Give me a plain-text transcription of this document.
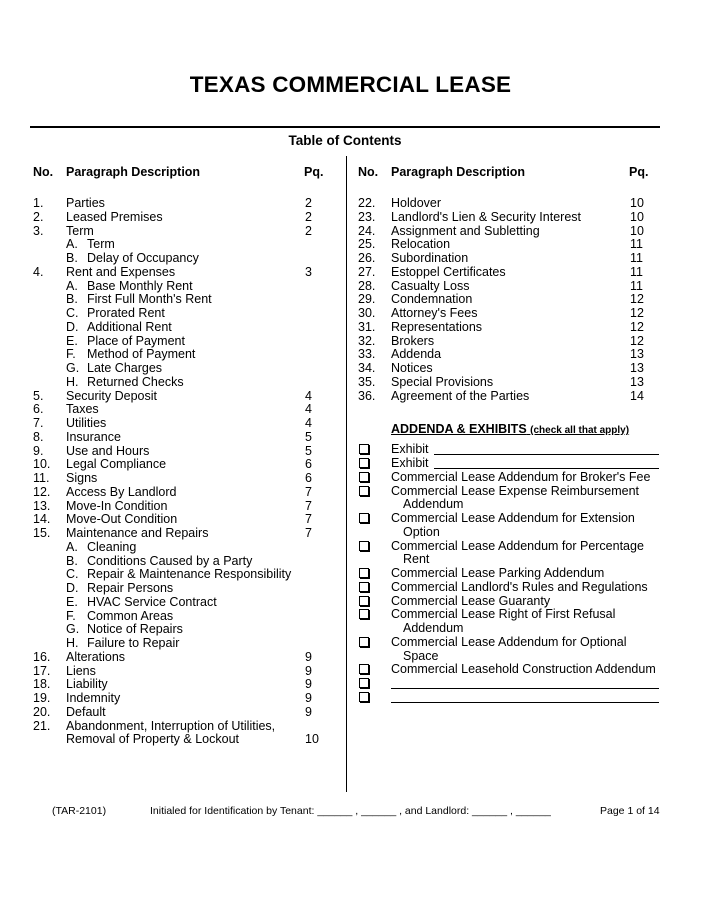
TEXAS COMMERCIAL LEASE
Table of Contents
No. Paragraph Description	Pq.
1. Parties	2
2. Leased Premises	2
3. Term	2
A. Term
B. Delay of Occupancy
4. Rent and Expenses	3
A. Base Monthly Rent
B. First Full Month's Rent
C. Prorated Rent
D. Additional Rent
E. Place of Payment
F. Method of Payment
G. Late Charges
H. Returned Checks
5. Security Deposit	4
6. Taxes	4
7. Utilities	4
8. Insurance	5
9. Use and Hours	5
10. Legal Compliance	6
11. Signs	6
12. Access By Landlord	7
13. Move-In Condition	7
14. Move-Out Condition	7
15. Maintenance and Repairs	7
A. Cleaning
B. Conditions Caused by a Party
C. Repair & Maintenance Responsibility
D. Repair Persons
E. HVAC Service Contract
F. Common Areas
G. Notice of Repairs
H. Failure to Repair
16. Alterations	9
17. Liens	9
18. Liability	9
19. Indemnity	9
20. Default	9
21. Abandonment, Interruption of Utilities,
Removal of Property & Lockout	10
No. Paragraph Description	Pq.
22. Holdover	10
23. Landlord's Lien & Security Interest	10
24. Assignment and Subletting	10
25. Relocation	11
26. Subordination	11
27. Estoppel Certificates	11
28. Casualty Loss	11
29. Condemnation	12
30. Attorney's Fees	12
31. Representations	12
32. Brokers	12
33. Addenda	13
34. Notices	13
35. Special Provisions	13
36. Agreement of the Parties	14
ADDENDA & EXHIBITS (check all that apply)
Exhibit
Exhibit
Commercial Lease Addendum for Broker's Fee
Commercial Lease Expense Reimbursement
Addendum
Commercial Lease Addendum for Extension
Option
Commercial Lease Addendum for Percentage
Rent
Commercial Lease Parking Addendum
Commercial Landlord's Rules and Regulations
Commercial Lease Guaranty
Commercial Lease Right of First Refusal
Addendum
Commercial Lease Addendum for Optional
Space
Commercial Leasehold Construction Addendum
(TAR-2101)	Initialed for Identification by Tenant: ______ , ______ , and Landlord: ______ , ______	Page 1 of 14
